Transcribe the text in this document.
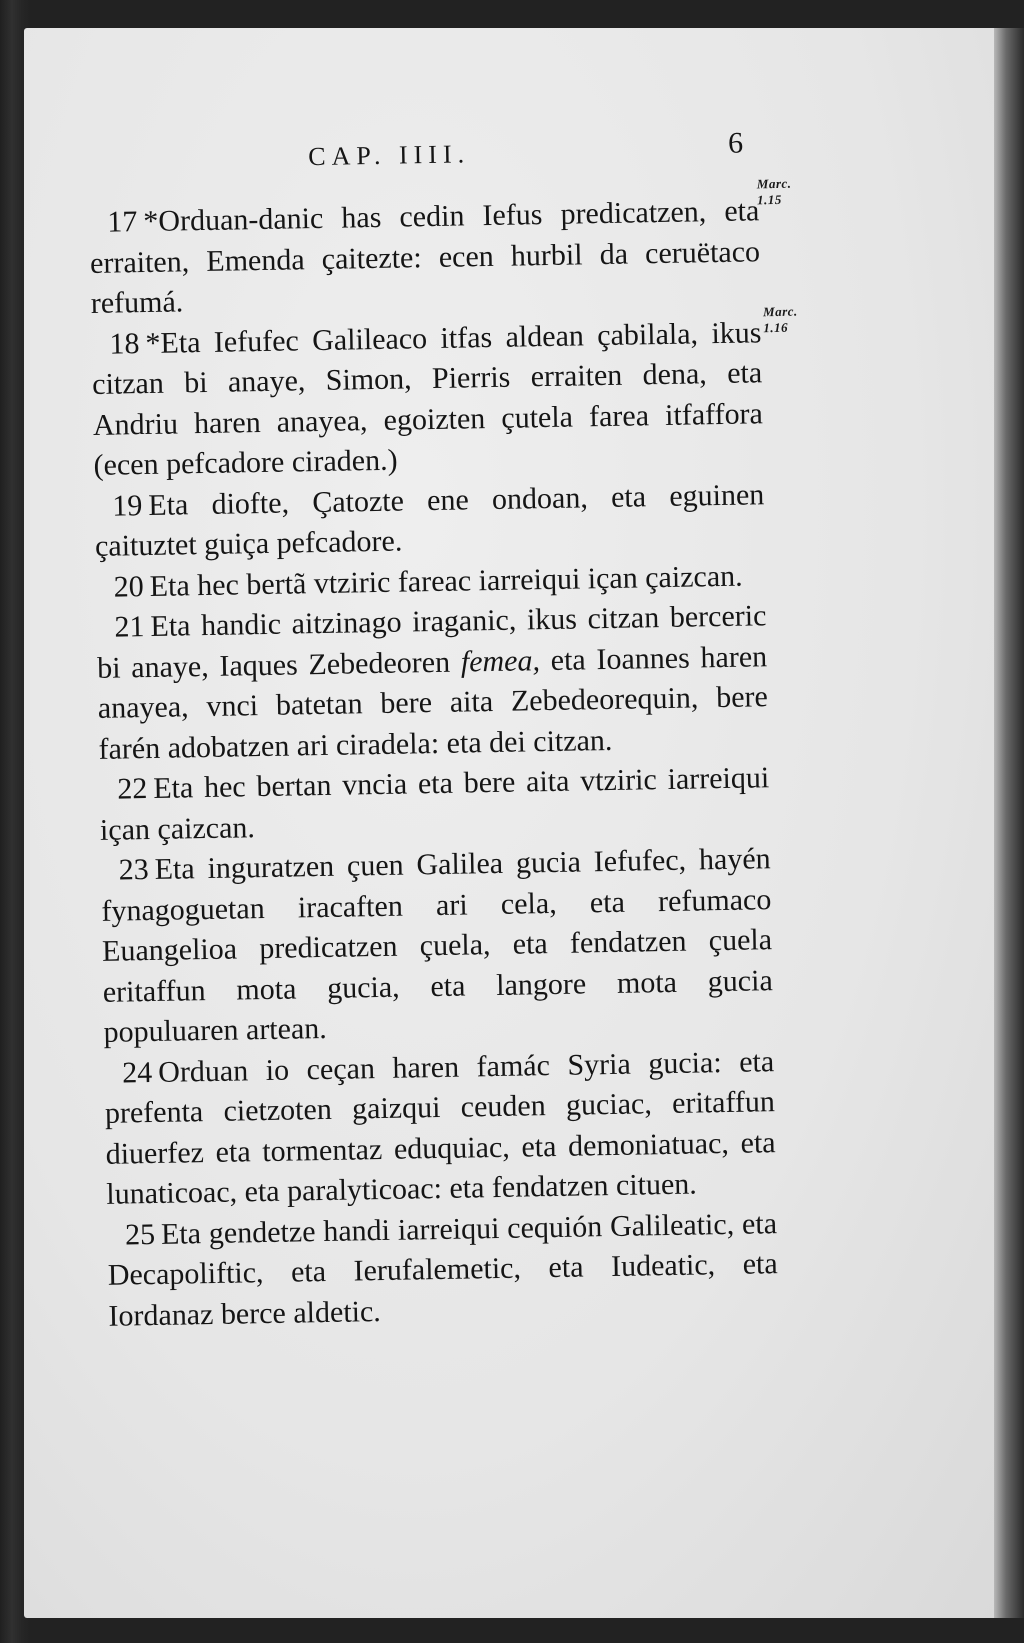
CAP. IIII.	6
Marc. 1.15
Marc. 1.16

17 *Orduan-danic has cedin Iefus predicatzen, eta erraiten, Emenda çaitezte: ecen hurbil da ceruëtaco refumá.

18 *Eta Iefufec Galileaco itfas aldean çabilala, ikus citzan bi anaye, Simon, Pierris erraiten dena, eta Andriu haren anayea, egoizten çutela farea itfaffora (ecen pefcadore ciraden.)

19 Eta diofte, Çatozte ene ondoan, eta eguinen çaituztet guiça pefcadore.

20 Eta hec bertã vtziric fareac iarreiqui içan çaizcan.

21 Eta handic aitzinago iraganic, ikus citzan berceric bi anaye, Iaques Zebedeoren femea, eta Ioannes haren anayea, vnci batetan bere aita Zebedeorequin, bere farén adobatzen ari ciradela: eta dei citzan.

22 Eta hec bertan vncia eta bere aita vtziric iarreiqui içan çaizcan.

23 Eta inguratzen çuen Galilea gucia Iefufec, hayén fynagoguetan iracaften ari cela, eta refumaco Euangelioa predicatzen çuela, eta fendatzen çuela eritaffun mota gucia, eta langore mota gucia populuaren artean.

24 Orduan io ceçan haren famác Syria gucia: eta prefenta cietzoten gaizqui ceuden guciac, eritaffun diuerfez eta tormentaz eduquiac, eta demoniatuac, eta lunaticoac, eta paralyticoac: eta fendatzen cituen.

25 Eta gendetze handi iarreiqui cequión Galileatic, eta Decapoliftic, eta Ierufalemetic, eta Iudeatic, eta Iordanaz berce aldetic.
